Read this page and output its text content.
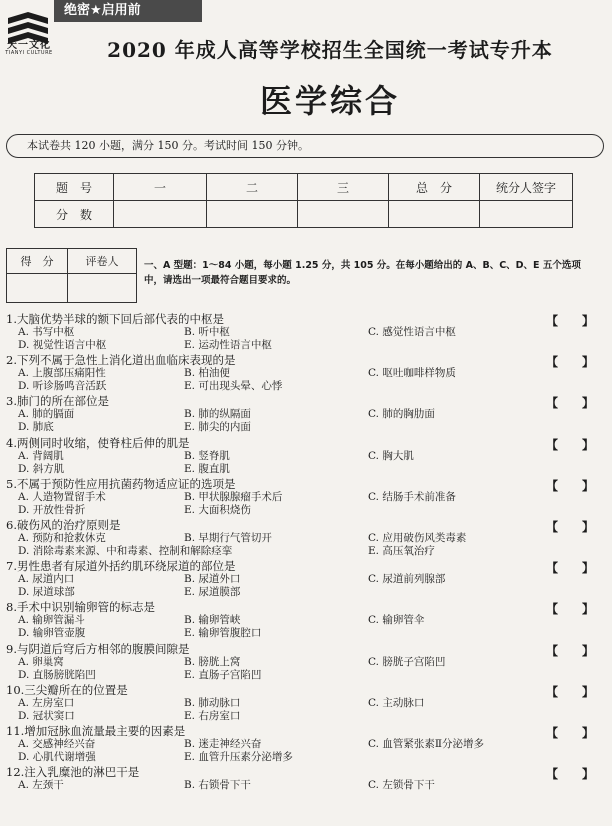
绝密★启用前
天一文化
TIANYI CULTURE	2020 年成人高等学校招生全国统一考试专升本
医学综合
本试卷共 120 小题，满分 150 分。考试时间 150 分钟。
题　号	一	二	三	总　分	统分人签字
分　数					
得　分	评卷人
		一、A 型题：1～84 小题，每小题 1.25 分，共 105 分。在每小题给出的 A、B、C、D、E 五个选项中，请选出一项最符合题目要求的。
1.大脑优势半球的额下回后部代表的中枢是	【 】
A. 书写中枢	B. 听中枢	C. 感觉性语言中枢
D. 视觉性语言中枢	E. 运动性语言中枢
2.下列不属于急性上消化道出血临床表现的是	【 】
A. 上腹部压痛阳性	B. 柏油便	C. 呕吐咖啡样物质
D. 听诊肠鸣音活跃	E. 可出现头晕、心悸
3.肺门的所在部位是	【 】
A. 肺的膈面	B. 肺的纵隔面	C. 肺的胸肋面
D. 肺底	E. 肺尖的内面
4.两侧同时收缩，使脊柱后伸的肌是	【 】
A. 背阔肌	B. 竖脊肌	C. 胸大肌
D. 斜方肌	E. 腹直肌
5.不属于预防性应用抗菌药物适应证的选项是	【 】
A. 人造物置留手术	B. 甲状腺腺瘤手术后	C. 结肠手术前准备
D. 开放性骨折	E. 大面积烧伤
6.破伤风的治疗原则是	【 】
A. 预防和抢救休克	B. 早期行气管切开	C. 应用破伤风类毒素
D. 消除毒素来源、中和毒素、控制和解除痉挛	E. 高压氧治疗
7.男性患者有尿道外括约肌环绕尿道的部位是	【 】
A. 尿道内口	B. 尿道外口	C. 尿道前列腺部
D. 尿道球部	E. 尿道膜部
8.手术中识别输卵管的标志是	【 】
A. 输卵管漏斗	B. 输卵管峡	C. 输卵管伞
D. 输卵管壶腹	E. 输卵管腹腔口
9.与阴道后穹后方相邻的腹膜间隙是	【 】
A. 卵巢窝	B. 膀胱上窝	C. 膀胱子宫陷凹
D. 直肠膀胱陷凹	E. 直肠子宫陷凹
10.三尖瓣所在的位置是	【 】
A. 左房室口	B. 肺动脉口	C. 主动脉口
D. 冠状窦口	E. 右房室口
11.增加冠脉血流量最主要的因素是	【 】
A. 交感神经兴奋	B. 迷走神经兴奋	C. 血管紧张素Ⅱ分泌增多
D. 心肌代谢增强	E. 血管升压素分泌增多
12.注入乳糜池的淋巴干是	【 】
A. 左颈干	B. 右锁骨下干	C. 左锁骨下干
